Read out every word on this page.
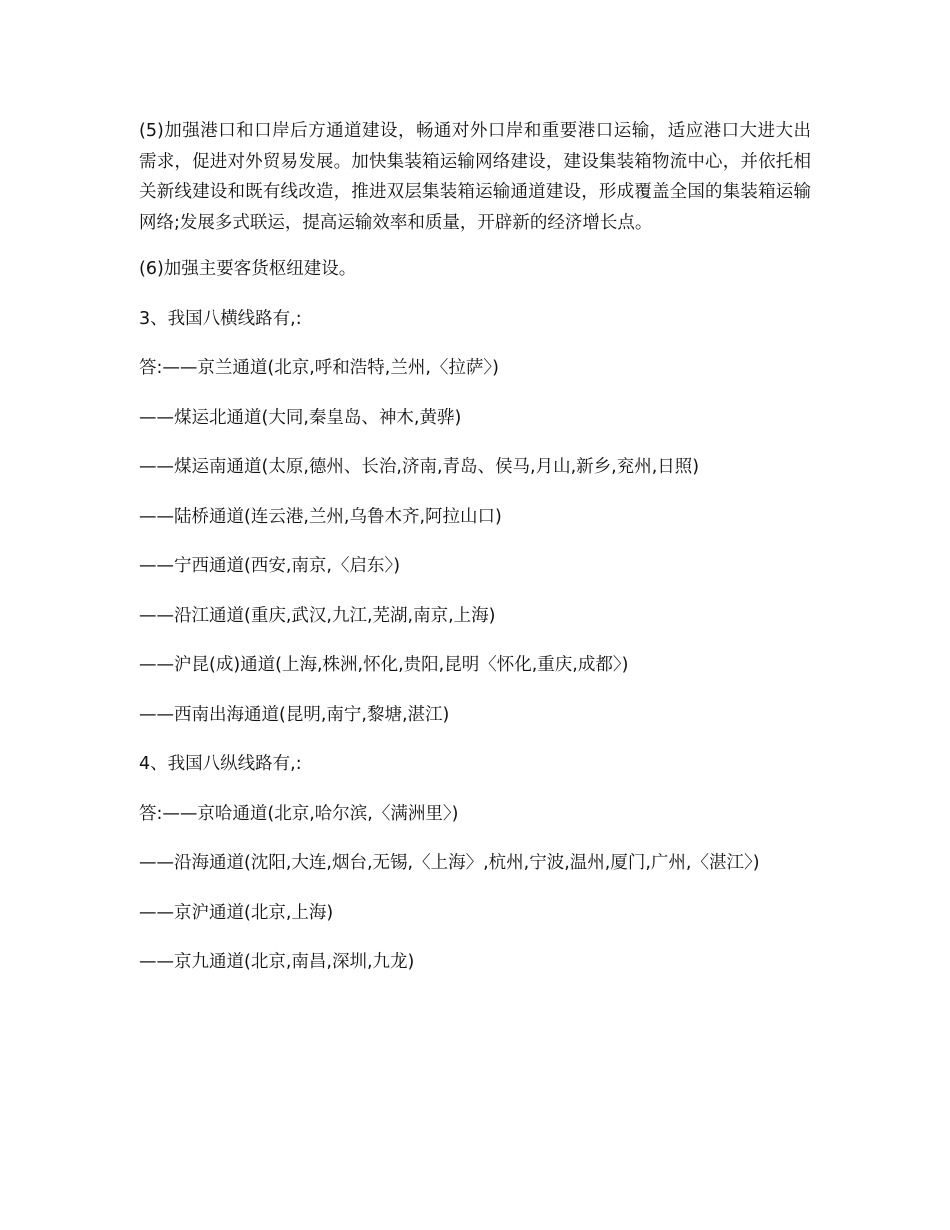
(5)加强港口和口岸后方通道建设，畅通对外口岸和重要港口运输，适应港口大进大出需求，促进对外贸易发展。加快集装箱运输网络建设，建设集装箱物流中心，并依托相关新线建设和既有线改造，推进双层集装箱运输通道建设，形成覆盖全国的集装箱运输网络;发展多式联运，提高运输效率和质量，开辟新的经济增长点。

(6)加强主要客货枢纽建设。

3、我国八横线路有,:

答:——京兰通道(北京,呼和浩特,兰州,〈拉萨〉)

——煤运北通道(大同,秦皇岛、神木,黄骅)

——煤运南通道(太原,德州、长治,济南,青岛、侯马,月山,新乡,兖州,日照)

——陆桥通道(连云港,兰州,乌鲁木齐,阿拉山口)

——宁西通道(西安,南京,〈启东〉)

——沿江通道(重庆,武汉,九江,芜湖,南京,上海)

——沪昆(成)通道(上海,株洲,怀化,贵阳,昆明〈怀化,重庆,成都〉)

——西南出海通道(昆明,南宁,黎塘,湛江)

4、我国八纵线路有,:

答:——京哈通道(北京,哈尔滨,〈满洲里〉)

——沿海通道(沈阳,大连,烟台,无锡,〈上海〉,杭州,宁波,温州,厦门,广州,〈湛江〉)

——京沪通道(北京,上海)

——京九通道(北京,南昌,深圳,九龙)
